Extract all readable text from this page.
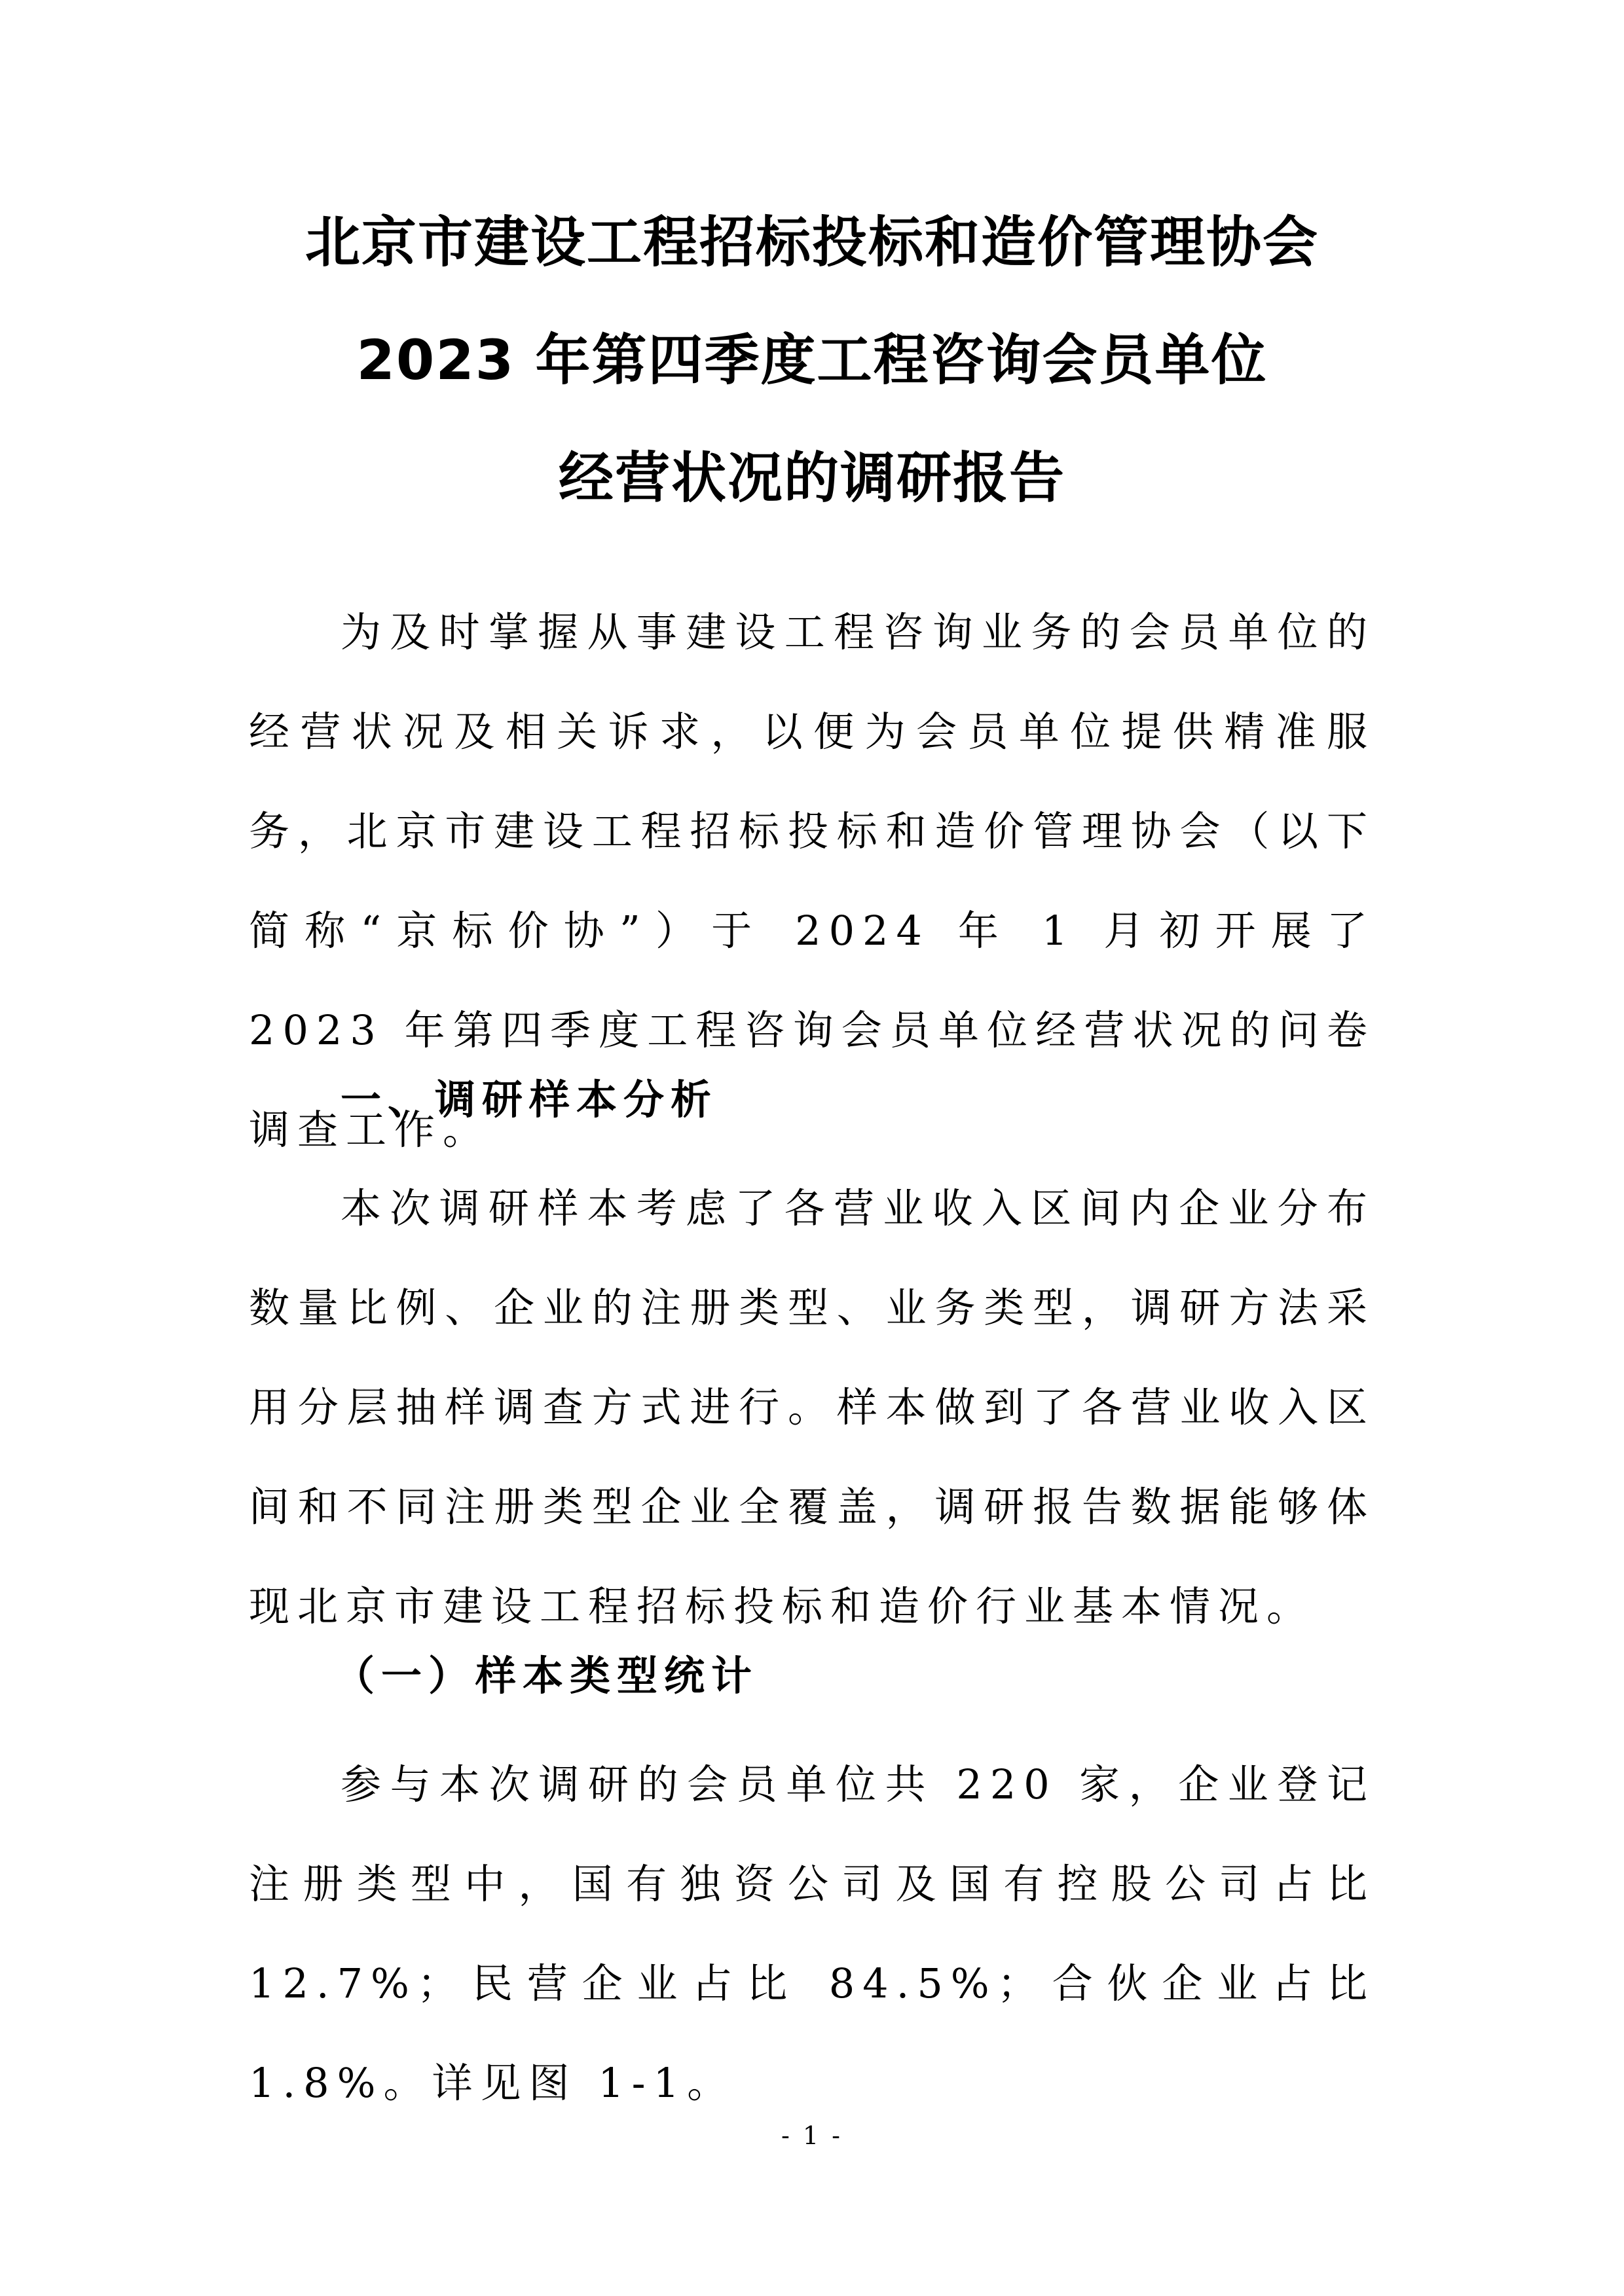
北京市建设工程招标投标和造价管理协会
2023 年第四季度工程咨询会员单位
经营状况的调研报告

为及时掌握从事建设工程咨询业务的会员单位的经营状况及相关诉求，以便为会员单位提供精准服务，北京市建设工程招标投标和造价管理协会（以下简称“京标价协”）于 2024 年 1 月初开展了 2023 年第四季度工程咨询会员单位经营状况的问卷调查工作。

一、调研样本分析

本次调研样本考虑了各营业收入区间内企业分布数量比例、企业的注册类型、业务类型，调研方法采用分层抽样调查方式进行。样本做到了各营业收入区间和不同注册类型企业全覆盖，调研报告数据能够体现北京市建设工程招标投标和造价行业基本情况。

（一）样本类型统计

参与本次调研的会员单位共 220 家，企业登记注册类型中，国有独资公司及国有控股公司占比 12.7%；民营企业占比 84.5%；合伙企业占比 1.8%。详见图 1-1。

- 1 -
